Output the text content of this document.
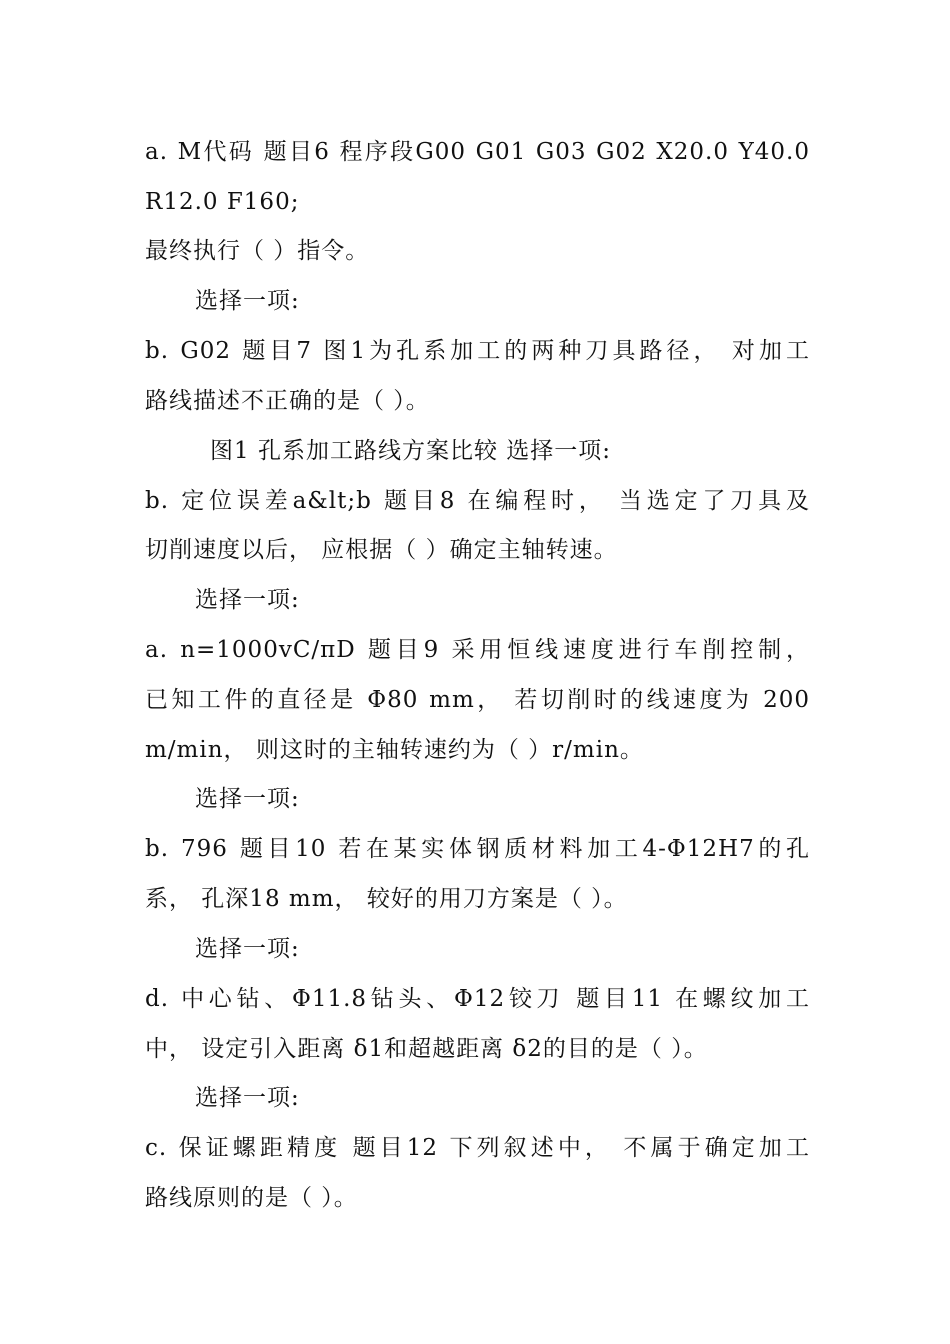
a. M代码 题目6 程序段G00 G01 G03 G02 X20.0 Y40.0
R12.0 F160;
最终执行（ ）指令。
选择一项:
b. G02 题目7 图1为孔系加工的两种刀具路径， 对加工
路线描述不正确的是（ ）。
图1 孔系加工路线方案比较 选择一项:
b. 定位误差a&lt;b 题目8 在编程时， 当选定了刀具及
切削速度以后， 应根据（ ）确定主轴转速。
选择一项:
a. n=1000vC/πD 题目9 采用恒线速度进行车削控制，
已知工件的直径是 Φ80 mm， 若切削时的线速度为 200
m/min， 则这时的主轴转速约为（ ）r/min。
选择一项:
b. 796 题目10 若在某实体钢质材料加工4-Φ12H7的孔
系， 孔深18 mm， 较好的用刀方案是（ ）。
选择一项:
d. 中心钻、Φ11.8钻头、Φ12铰刀 题目11 在螺纹加工
中， 设定引入距离 δ1和超越距离 δ2的目的是（ ）。
选择一项:
c. 保证螺距精度 题目12 下列叙述中， 不属于确定加工
路线原则的是（ ）。
